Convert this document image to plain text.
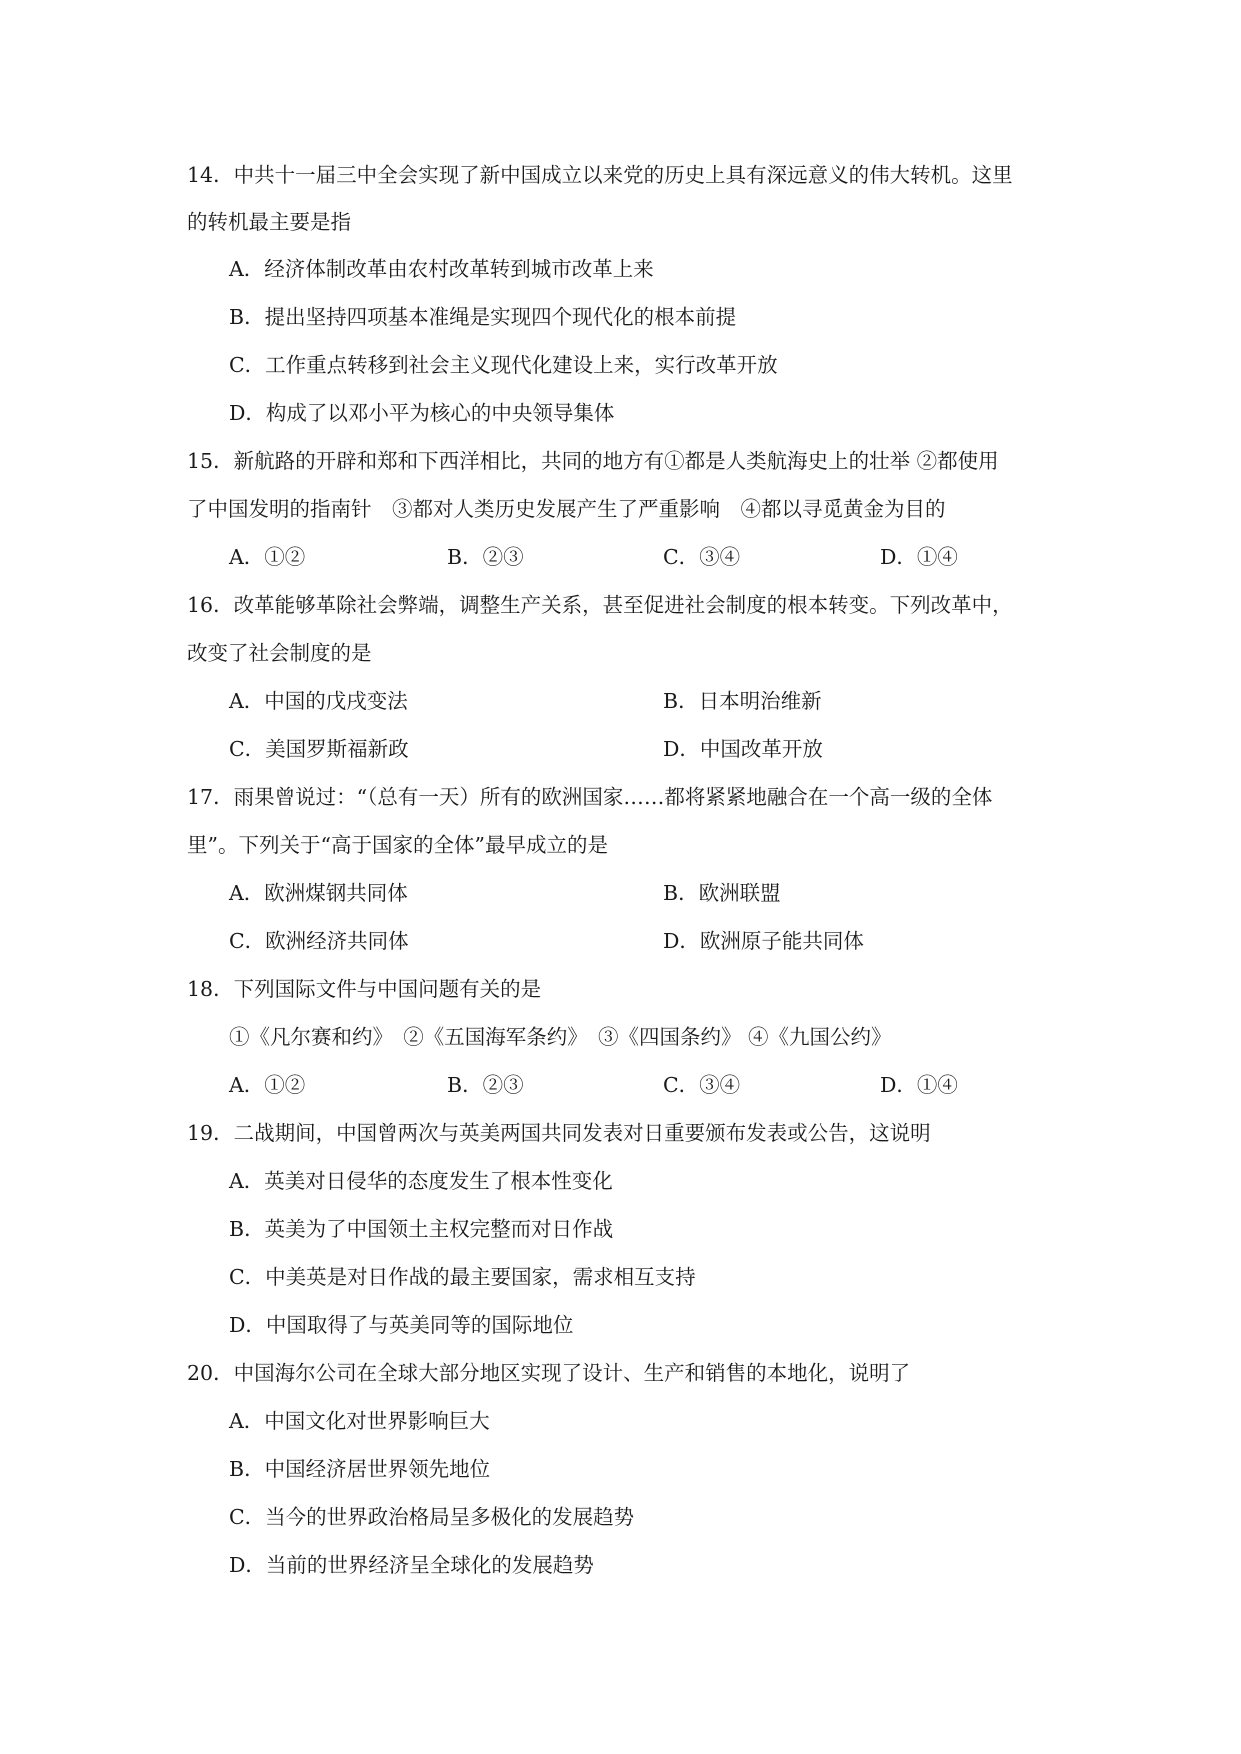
14．中共十一届三中全会实现了新中国成立以来党的历史上具有深远意义的伟大转机。这里
的转机最主要是指
A．经济体制改革由农村改革转到城市改革上来
B．提出坚持四项基本准绳是实现四个现代化的根本前提
C．工作重点转移到社会主义现代化建设上来，实行改革开放
D．构成了以邓小平为核心的中央领导集体
15．新航路的开辟和郑和下西洋相比，共同的地方有①都是人类航海史上的壮举 ②都使用
了中国发明的指南针　③都对人类历史发展产生了严重影响　④都以寻觅黄金为目的
A．①②	B．②③	C．③④	D．①④
16．改革能够革除社会弊端，调整生产关系，甚至促进社会制度的根本转变。下列改革中，
改变了社会制度的是
A．中国的戊戌变法	B．日本明治维新
C．美国罗斯福新政	D．中国改革开放
17．雨果曾说过：“（总有一天）所有的欧洲国家……都将紧紧地融合在一个高一级的全体
里”。下列关于“高于国家的全体”最早成立的是
A．欧洲煤钢共同体	B．欧洲联盟
C．欧洲经济共同体	D．欧洲原子能共同体
18．下列国际文件与中国问题有关的是
①《凡尔赛和约》　②《五国海军条约》　③《四国条约》 ④《九国公约》
A．①②	B．②③	C．③④	D．①④
19．二战期间，中国曾两次与英美两国共同发表对日重要颁布发表或公告，这说明
A．英美对日侵华的态度发生了根本性变化
B．英美为了中国领土主权完整而对日作战
C．中美英是对日作战的最主要国家，需求相互支持
D．中国取得了与英美同等的国际地位
20．中国海尔公司在全球大部分地区实现了设计、生产和销售的本地化，说明了
A．中国文化对世界影响巨大
B．中国经济居世界领先地位
C．当今的世界政治格局呈多极化的发展趋势
D．当前的世界经济呈全球化的发展趋势
